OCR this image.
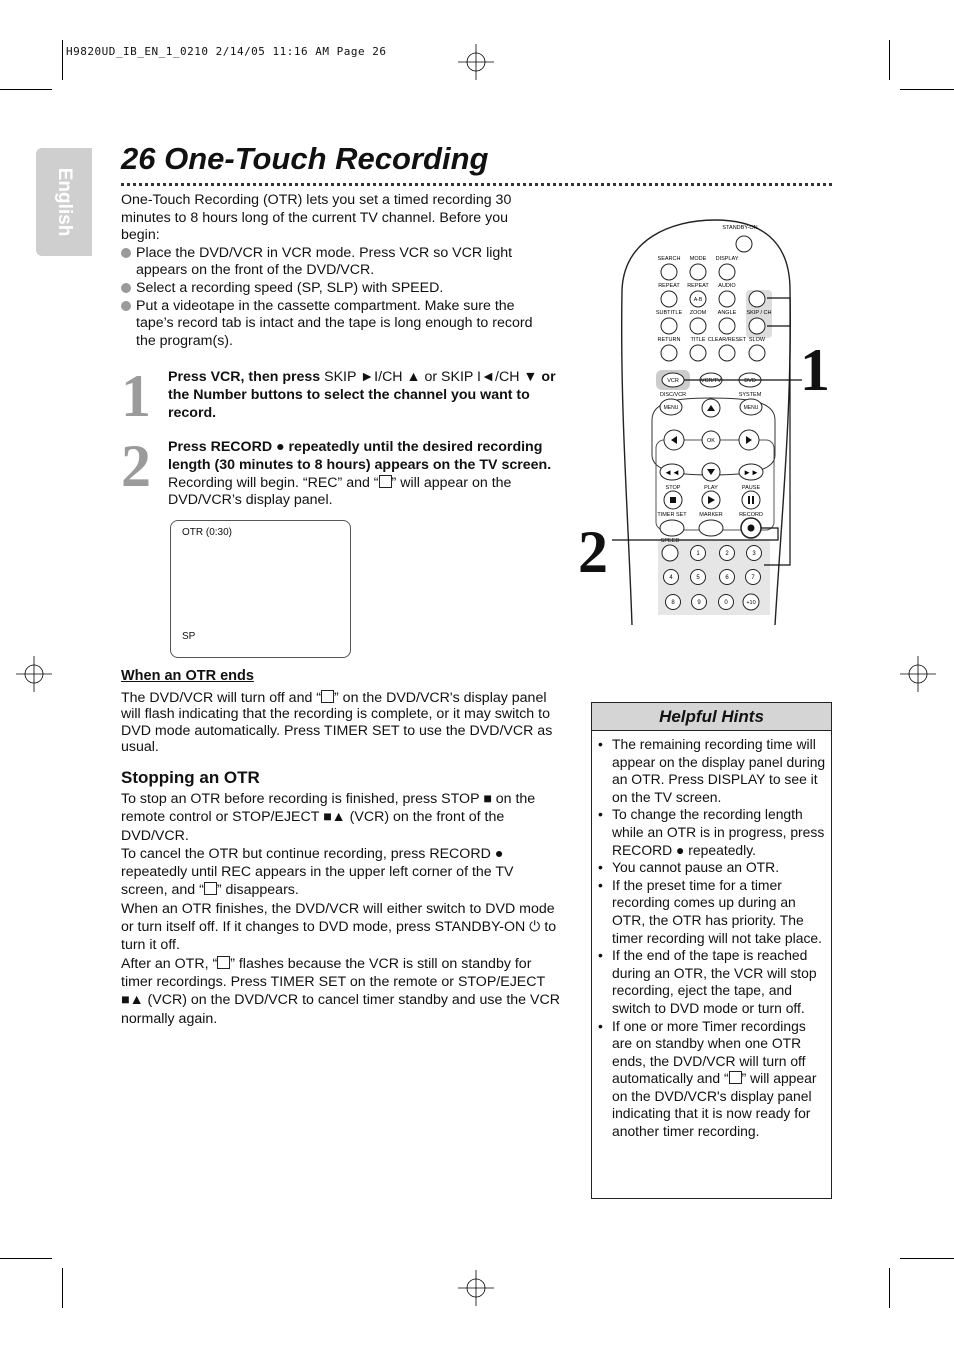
H9820UD_IB_EN_1_0210 2/14/05 11:16 AM Page 26
English
26 One-Touch Recording
One-Touch Recording (OTR) lets you set a timed recording 30 minutes to 8 hours long of the current TV channel. Before you begin:
Place the DVD/VCR in VCR mode. Press VCR so VCR light appears on the front of the DVD/VCR.
Select a recording speed (SP, SLP) with SPEED.
Put a videotape in the cassette compartment. Make sure the tape’s record tab is intact and the tape is long enough to record the program(s).
1 Press VCR, then press SKIP ►I/CH ▲ or SKIP I◄/CH ▼ or the Number buttons to select the channel you want to record.
2 Press RECORD ● repeatedly until the desired recording length (30 minutes to 8 hours) appears on the TV screen. Recording will begin. “REC” and “ ” will appear on the DVD/VCR’s display panel.
OTR (0:30)
SP
When an OTR ends
The DVD/VCR will turn off and “ ” on the DVD/VCR's display panel will flash indicating that the recording is complete, or it may switch to DVD mode automatically. Press TIMER SET to use the DVD/VCR as usual.
Stopping an OTR
To stop an OTR before recording is finished, press STOP ■ on the remote control or STOP/EJECT ■▲ (VCR) on the front of the DVD/VCR.
To cancel the OTR but continue recording, press RECORD ● repeatedly until REC appears in the upper left corner of the TV screen, and “ ” disappears.
When an OTR finishes, the DVD/VCR will either switch to DVD mode or turn itself off. If it changes to DVD mode, press STANDBY-ON ⏻ to turn it off.
After an OTR, “ ” flashes because the VCR is still on standby for timer recordings. Press TIMER SET on the remote or STOP/EJECT ■▲ (VCR) on the DVD/VCR to cancel timer standby and use the VCR normally again.
Helpful Hints
• The remaining recording time will appear on the display panel during an OTR. Press DISPLAY to see it on the TV screen.
• To change the recording length while an OTR is in progress, press RECORD ● repeatedly.
• You cannot pause an OTR.
• If the preset time for a timer recording comes up during an OTR, the OTR has priority. The timer recording will not take place.
• If the end of the tape is reached during an OTR, the VCR will stop recording, eject the tape, and switch to DVD mode or turn off.
• If one or more Timer recordings are on standby when one OTR ends, the DVD/VCR will turn off automatically and “ ” will appear on the DVD/VCR's display panel indicating that it is now ready for another timer recording.
STANDBY-ON
SEARCH MODE DISPLAY
REPEAT REPEAT AUDIO
A-B
SUBTITLE ZOOM ANGLE SKIP / CH
RETURN TITLE CLEAR/RESET SLOW
VCR	VCR/TV	DVD
DISC/VCR	SYSTEM
MENU	MENU
OK
◄◄	►►
STOP	PLAY	PAUSE
TIMER SET MARKER	RECORD
SPEED
1	2	3
4	5	6	7
8	9	0	+10
1
2
